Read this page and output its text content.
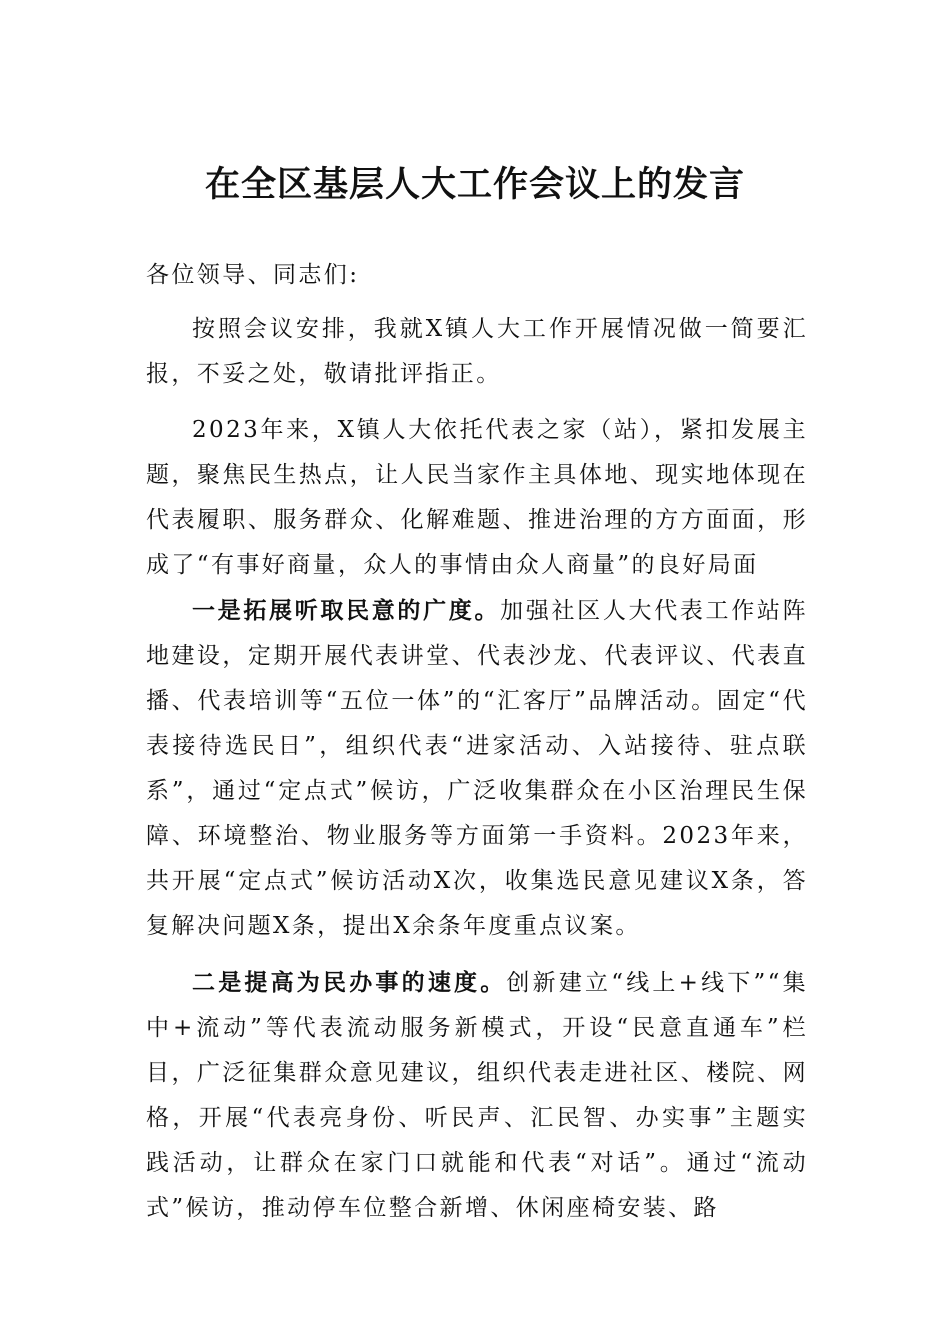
在全区基层人大工作会议上的发言

各位领导、同志们:

按照会议安排，我就X镇人大工作开展情况做一简要汇报，不妥之处，敬请批评指正。

2023年来，X镇人大依托代表之家（站），紧扣发展主题，聚焦民生热点，让人民当家作主具体地、现实地体现在代表履职、服务群众、化解难题、推进治理的方方面面，形成了“有事好商量，众人的事情由众人商量”的良好局面

一是拓展听取民意的广度。加强社区人大代表工作站阵地建设，定期开展代表讲堂、代表沙龙、代表评议、代表直播、代表培训等“五位一体”的“汇客厅”品牌活动。固定“代表接待选民日”，组织代表“进家活动、入站接待、驻点联系”，通过“定点式”候访，广泛收集群众在小区治理民生保障、环境整治、物业服务等方面第一手资料。2023年来，共开展“定点式”候访活动X次，收集选民意见建议X条，答复解决问题X条，提出X余条年度重点议案。

二是提高为民办事的速度。创新建立“线上+线下”“集中+流动”等代表流动服务新模式，开设“民意直通车”栏目，广泛征集群众意见建议，组织代表走进社区、楼院、网格，开展“代表亮身份、听民声、汇民智、办实事”主题实践活动，让群众在家门口就能和代表“对话”。通过“流动式”候访，推动停车位整合新增、休闲座椅安装、路
